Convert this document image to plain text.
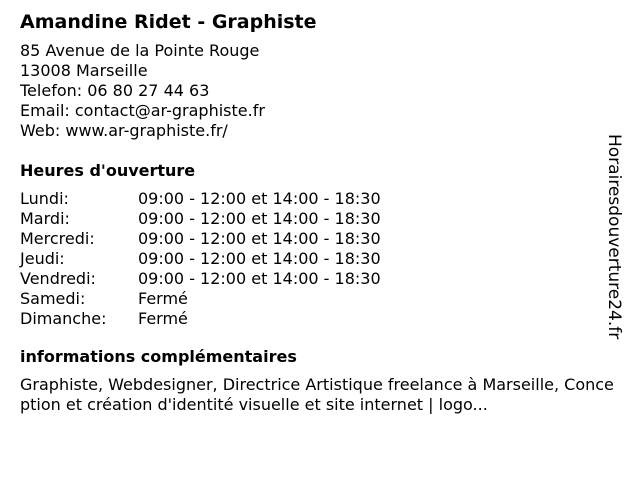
Amandine Ridet - Graphiste
85 Avenue de la Pointe Rouge
13008 Marseille
Telefon: 06 80 27 44 63
Email: contact@ar-graphiste.fr
Web: www.ar-graphiste.fr/
Heures d'ouverture
Lundi:	09:00 - 12:00 et 14:00 - 18:30
Mardi:	09:00 - 12:00 et 14:00 - 18:30
Mercredi:	09:00 - 12:00 et 14:00 - 18:30
Jeudi:	09:00 - 12:00 et 14:00 - 18:30
Vendredi:	09:00 - 12:00 et 14:00 - 18:30
Samedi:	Fermé
Dimanche:	Fermé
informations complémentaires
Graphiste, Webdesigner, Directrice Artistique freelance à Marseille, Conception et création d'identité visuelle et site internet | logo...
Horairesdouverture24.fr
